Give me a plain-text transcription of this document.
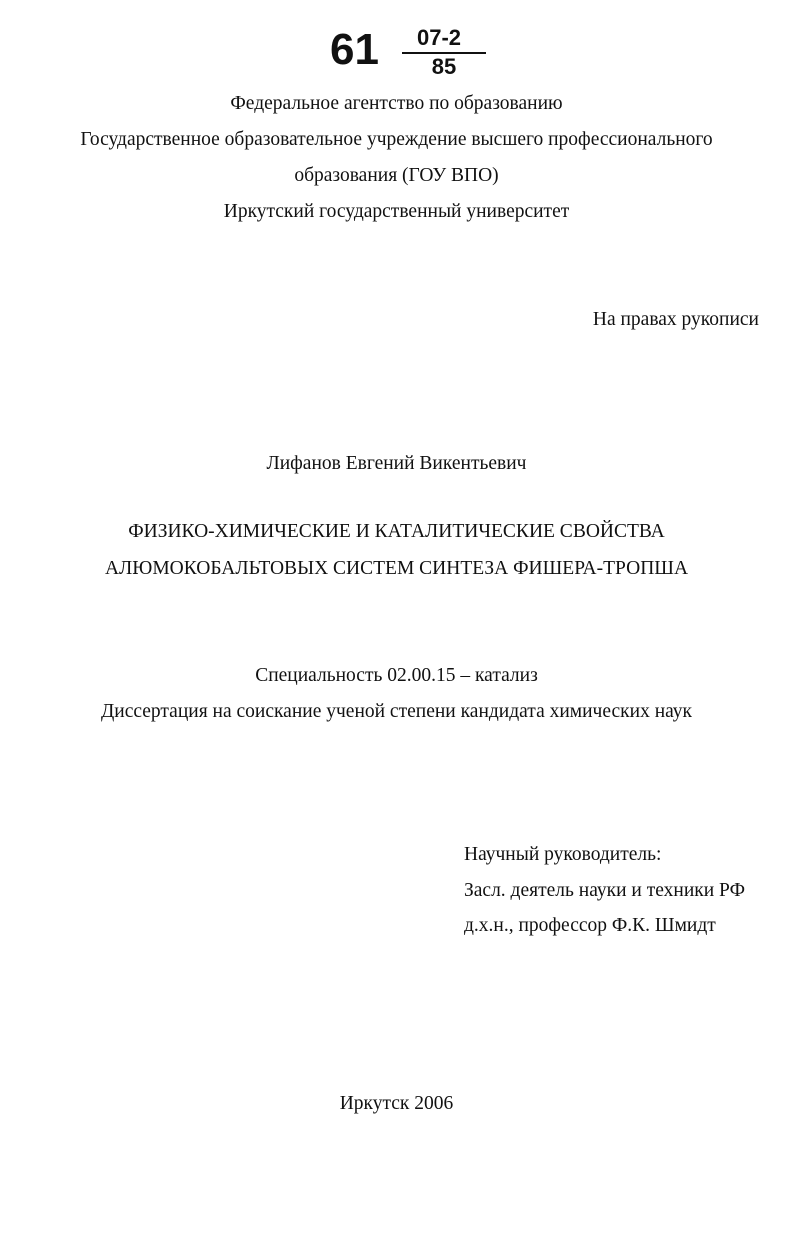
61	07-2
85
Федеральное агентство по образованию
Государственное образовательное учреждение высшего профессионального
образования (ГОУ ВПО)
Иркутский государственный университет
На правах рукописи
Лифанов Евгений Викентьевич
ФИЗИКО-ХИМИЧЕСКИЕ И КАТАЛИТИЧЕСКИЕ СВОЙСТВА
АЛЮМОКОБАЛЬТОВЫХ СИСТЕМ СИНТЕЗА ФИШЕРА-ТРОПША
Специальность 02.00.15 – катализ
Диссертация на соискание ученой степени кандидата химических наук
Научный руководитель:
Засл. деятель науки и техники РФ
д.х.н., профессор Ф.К. Шмидт
Иркутск 2006
